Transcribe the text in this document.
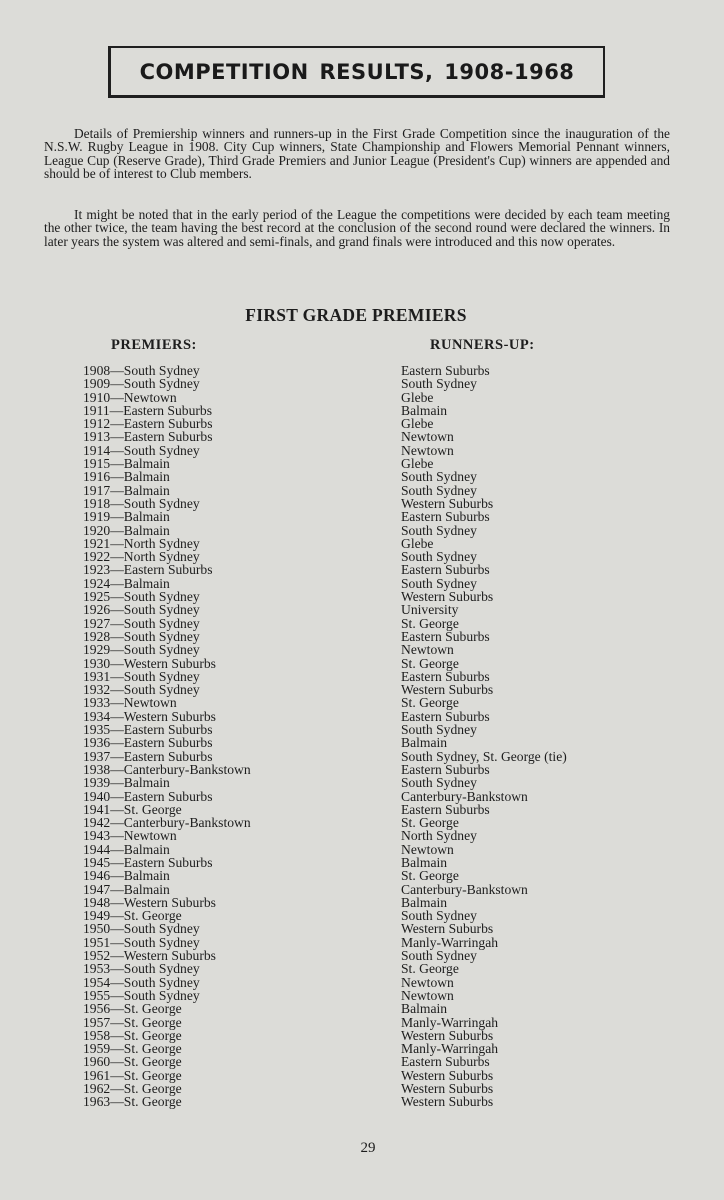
COMPETITION RESULTS, 1908-1968

Details of Premiership winners and runners-up in the First Grade Competition since the inauguration of the N.S.W. Rugby League in 1908. City Cup winners, State Championship and Flowers Memorial Pennant winners, League Cup (Reserve Grade), Third Grade Premiers and Junior League (President's Cup) winners are appended and should be of interest to Club members.

It might be noted that in the early period of the League the competitions were decided by each team meeting the other twice, the team having the best record at the conclusion of the second round were declared the winners. In later years the system was altered and semi-finals, and grand finals were introduced and this now operates.

FIRST GRADE PREMIERS
PREMIERS:	RUNNERS-UP:
1908—South Sydney
1909—South Sydney
1910—Newtown
1911—Eastern Suburbs
1912—Eastern Suburbs
1913—Eastern Suburbs
1914—South Sydney
1915—Balmain
1916—Balmain
1917—Balmain
1918—South Sydney
1919—Balmain
1920—Balmain
1921—North Sydney
1922—North Sydney
1923—Eastern Suburbs
1924—Balmain
1925—South Sydney
1926—South Sydney
1927—South Sydney
1928—South Sydney
1929—South Sydney
1930—Western Suburbs
1931—South Sydney
1932—South Sydney
1933—Newtown
1934—Western Suburbs
1935—Eastern Suburbs
1936—Eastern Suburbs
1937—Eastern Suburbs
1938—Canterbury-Bankstown
1939—Balmain
1940—Eastern Suburbs
1941—St. George
1942—Canterbury-Bankstown
1943—Newtown
1944—Balmain
1945—Eastern Suburbs
1946—Balmain
1947—Balmain
1948—Western Suburbs
1949—St. George
1950—South Sydney
1951—South Sydney
1952—Western Suburbs
1953—South Sydney
1954—South Sydney
1955—South Sydney
1956—St. George
1957—St. George
1958—St. George
1959—St. George
1960—St. George
1961—St. George
1962—St. George
1963—St. George
Eastern Suburbs
South Sydney
Glebe
Balmain
Glebe
Newtown
Newtown
Glebe
South Sydney
South Sydney
Western Suburbs
Eastern Suburbs
South Sydney
Glebe
South Sydney
Eastern Suburbs
South Sydney
Western Suburbs
University
St. George
Eastern Suburbs
Newtown
St. George
Eastern Suburbs
Western Suburbs
St. George
Eastern Suburbs
South Sydney
Balmain
South Sydney, St. George (tie)
Eastern Suburbs
South Sydney
Canterbury-Bankstown
Eastern Suburbs
St. George
North Sydney
Newtown
Balmain
St. George
Canterbury-Bankstown
Balmain
South Sydney
Western Suburbs
Manly-Warringah
South Sydney
St. George
Newtown
Newtown
Balmain
Manly-Warringah
Western Suburbs
Manly-Warringah
Eastern Suburbs
Western Suburbs
Western Suburbs
Western Suburbs

29
